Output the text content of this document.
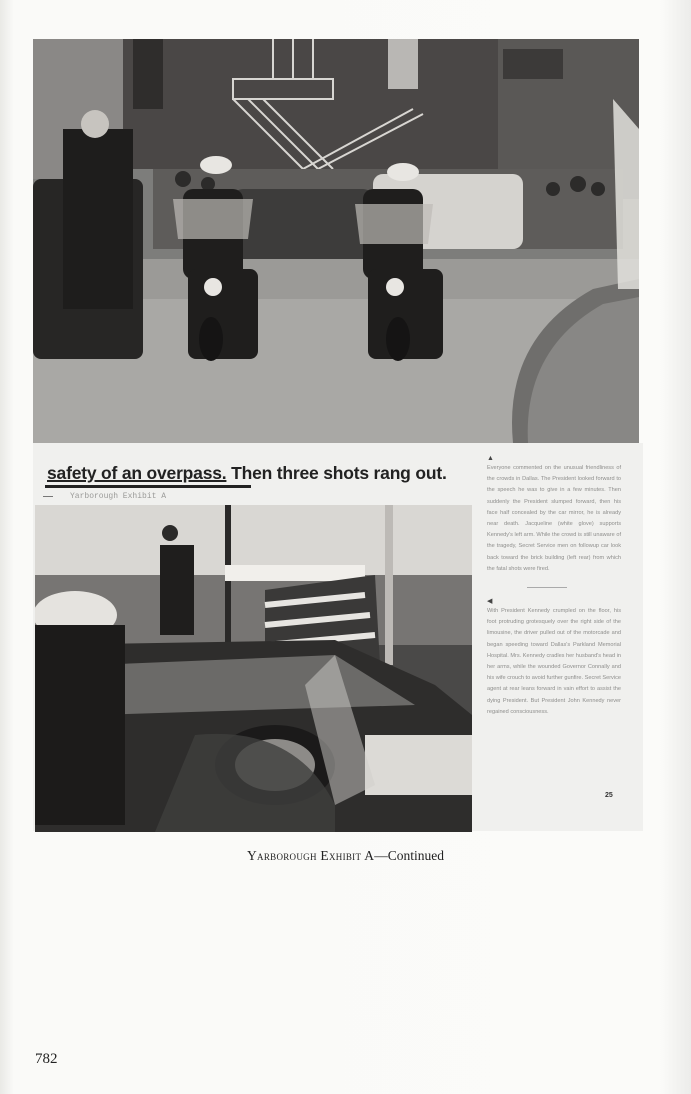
safety of an overpass. Then three shots rang out.
Yarborough Exhibit A
▲

Everyone commented on the unusual friendliness of the crowds in Dallas. The President looked forward to the speech he was to give in a few minutes. Then suddenly the President slumped forward, then his face half concealed by the car mirror, he is already near death. Jacqueline (white glove) supports Kennedy's left arm. While the crowd is still unaware of the tragedy, Secret Service men on followup car look back toward the brick building (left rear) from which the fatal shots were fired.

◀

With President Kennedy crumpled on the floor, his foot protruding grotesquely over the right side of the limousine, the driver pulled out of the motorcade and began speeding toward Dallas's Parkland Memorial Hospital. Mrs. Kennedy cradles her husband's head in her arms, while the wounded Governor Connally and his wife crouch to avoid further gunfire. Secret Service agent at rear leans forward in vain effort to assist the dying President. But President John Kennedy never regained consciousness.

25
Yarborough Exhibit A—Continued
782
